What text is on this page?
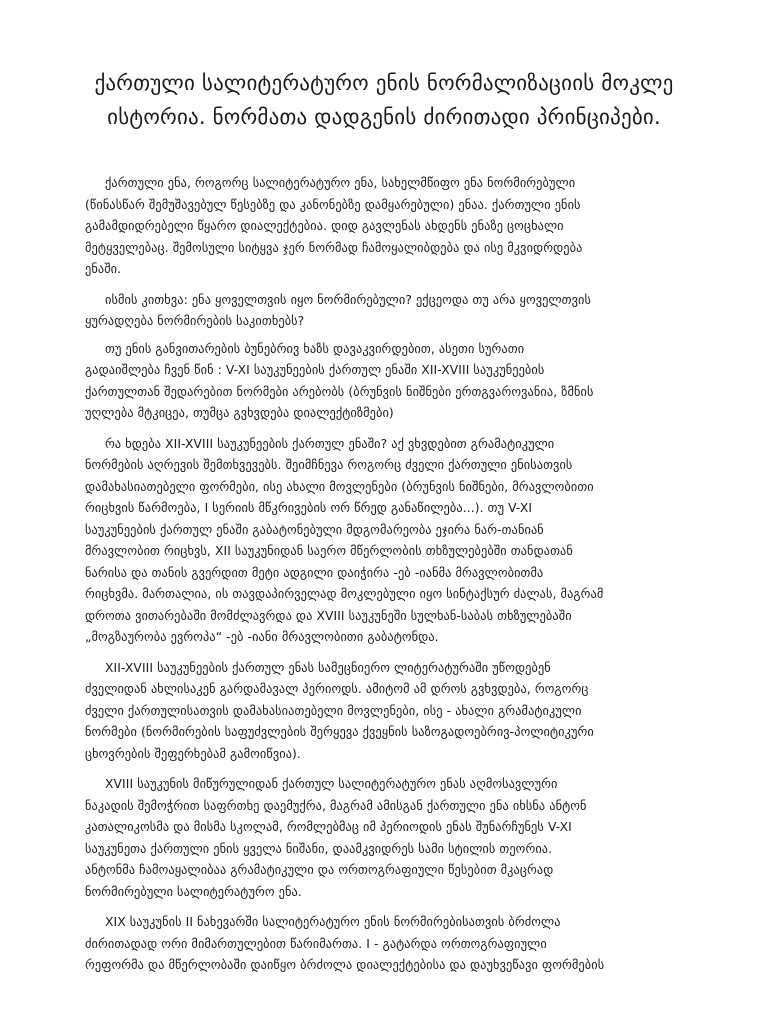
ქართული სალიტერატურო ენის ნორმალიზაციის მოკლე ისტორია. ნორმათა დადგენის ძირითადი პრინციპები.

ქართული ენა, როგორც სალიტერატურო ენა, სახელმწიფო ენა ნორმირებული
(წინასწარ შემუშავებულ წესებზე და კანონებზე დამყარებული) ენაა. ქართული ენის
გამამდიდრებელი წყარო დიალექტებია. დიდ გავლენას ახდენს ენაზე ცოცხალი
მეტყველებაც. შემოსული სიტყვა ჯერ ნორმად ჩამოყალიბდება და ისე მკვიდრდება
ენაში.

ისმის კითხვა: ენა ყოველთვის იყო ნორმირებული? ექცეოდა თუ არა ყოველთვის
ყურადღება ნორმირების საკითხებს?

თუ ენის განვითარების ბუნებრივ ხაზს დავაკვირდებით, ასეთი სურათი
გადაიშლება ჩვენ წინ : V-XI საუკუნეების ქართულ ენაში XII-XVIII საუკუნეების
ქართულთან შედარებით ნორმები არებობს (ბრუნვის ნიშნები ერთგვაროვანია, ზმნის
უღლება მტკიცეა, თუმცა გვხვდება დიალექტიზმები)

რა ხდება XII-XVIII საუკუნეების ქართულ ენაში? აქ ვხვდებით გრამატიკული
ნორმების აღრევის შემთხვევებს. შეიმჩნევა როგორც ძველი ქართული ენისათვის
დამახასიათებელი ფორმები, ისე ახალი მოვლენები (ბრუნვის ნიშნები, მრავლობითი
რიცხვის წარმოება, I სერიის მწკრივების ორ წრედ განაწილება...). თუ V-XI
საუკუნეების ქართულ ენაში გაბატონებული მდგომარეობა ეჯირა ნარ-თანიან
მრავლობით რიცხვს, XII საუკუნიდან საერო მწერლობის თხზულებებში თანდათან
ნარისა და თანის გვერდით მეტი ადგილი დაიჭირა -ებ -იანმა მრავლობითმა
რიცხვმა. მართალია, ის თავდაპირველად მოკლებული იყო სინტაქსურ ძალას, მაგრამ
დროთა ვითარებაში მომძლავრდა და XVIII საუკუნეში სულხან-საბას თხზულებაში
„მოგზაურობა ევროპა“ -ებ -იანი მრავლობითი გაბატონდა.

XII-XVIII საუკუნეების ქართულ ენას სამეცნიერო ლიტერატურაში უწოდებენ
ძველიდან ახლისაკენ გარდამავალ პერიოდს. ამიტომ ამ დროს გვხვდება, როგორც
ძველი ქართულისათვის დამახასიათებელი მოვლენები, ისე - ახალი გრამატიკული
ნორმები (ნორმირების საფუძვლების შერყევა ქვეყნის საზოგადოებრივ-პოლიტიკური
ცხოვრების შეფერხებამ გამოიწვია).

XVIII საუკუნის მიწურულიდან ქართულ სალიტერატურო ენას აღმოსავლური
ნაკადის შემოჭრით საფრთხე დაემუქრა, მაგრამ ამისგან ქართული ენა იხსნა ანტონ
კათალიკოსმა და მისმა სკოლამ, რომლებმაც იმ პერიოდის ენას შუნარჩუნეს V-XI
საუკუნეთა ქართული ენის ყველა ნიშანი, დაამკვიდრეს სამი სტილის თეორია.
ანტონმა ჩამოაყალიბაა გრამატიკული და ორთოგრაფიული წესებით მკაცრად
ნორმირებული სალიტერატურო ენა.

XIX საუკუნის II ნახევარში სალიტერატურო ენის ნორმირებისათვის ბრძოლა
ძირითადად ორი მიმართულებით წარიმართა. I - გატარდა ორთოგრაფიული
რეფორმა და მწერლობაში დაიწყო ბრძოლა დიალექტებისა და დაუხვეწავი ფორმების
